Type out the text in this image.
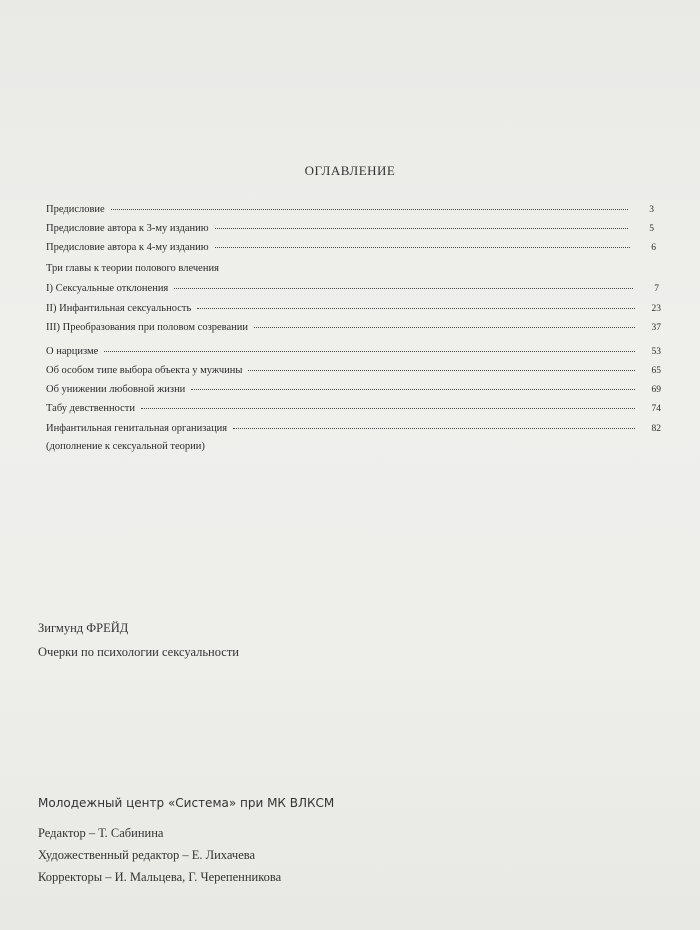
ОГЛАВЛЕНИЕ
Предисловие	3
Предисловие автора к 3-му изданию	5
Предисловие автора к 4-му изданию	6
Три главы к теории полового влечения
I) Сексуальные отклонения	7
II) Инфантильная сексуальность	23
III) Преобразования при половом созревании	37
О нарцизме	53
Об особом типе выбора объекта у мужчины	65
Об унижении любовной жизни	69
Табу девственности	74
Инфантильная генитальная организация	82
(дополнение к сексуальной теории)
Зигмунд ФРЕЙД
Очерки по психологии сексуальности
Молодежный центр «Система» при МК ВЛКСМ
Редактор – Т. Сабинина
Художественный редактор – Е. Лихачева
Корректоры – И. Мальцева, Г. Черепенникова
